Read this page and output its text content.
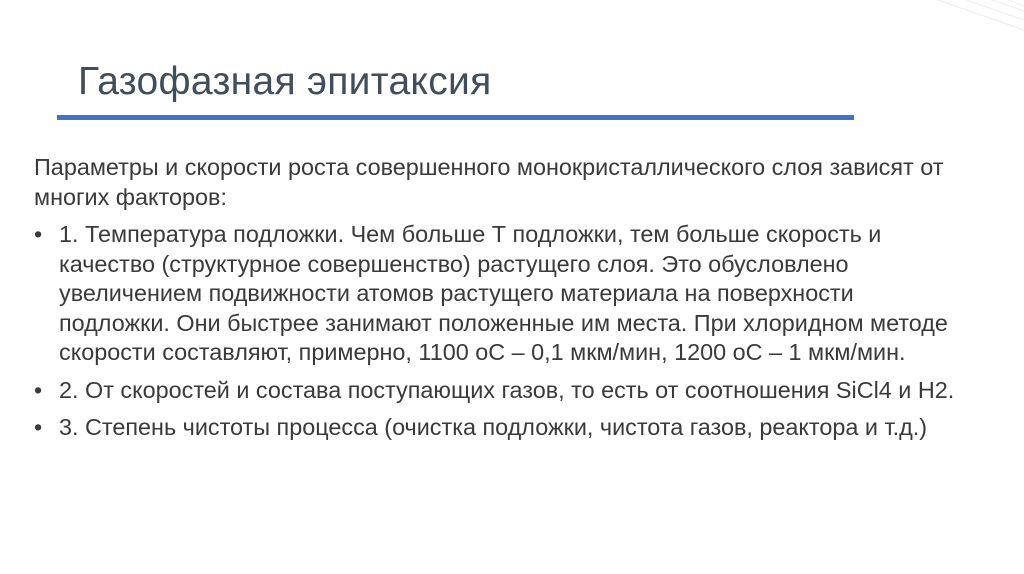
Газофазная эпитаксия

Параметры и скорости роста совершенного монокристаллического слоя зависят от многих факторов:

• 1. Температура подложки. Чем больше Т подложки, тем больше скорость и качество (структурное совершенство) растущего слоя. Это обусловлено увеличением подвижности атомов растущего материала на поверхности подложки. Они быстрее занимают положенные им места. При хлоридном методе скорости составляют, примерно, 1100 оС – 0,1 мкм/мин, 1200 оС – 1 мкм/мин.
• 2. От скоростей и состава поступающих газов, то есть от соотношения SiCl4 и H2.
• 3. Степень чистоты процесса (очистка подложки, чистота газов, реактора и т.д.)
